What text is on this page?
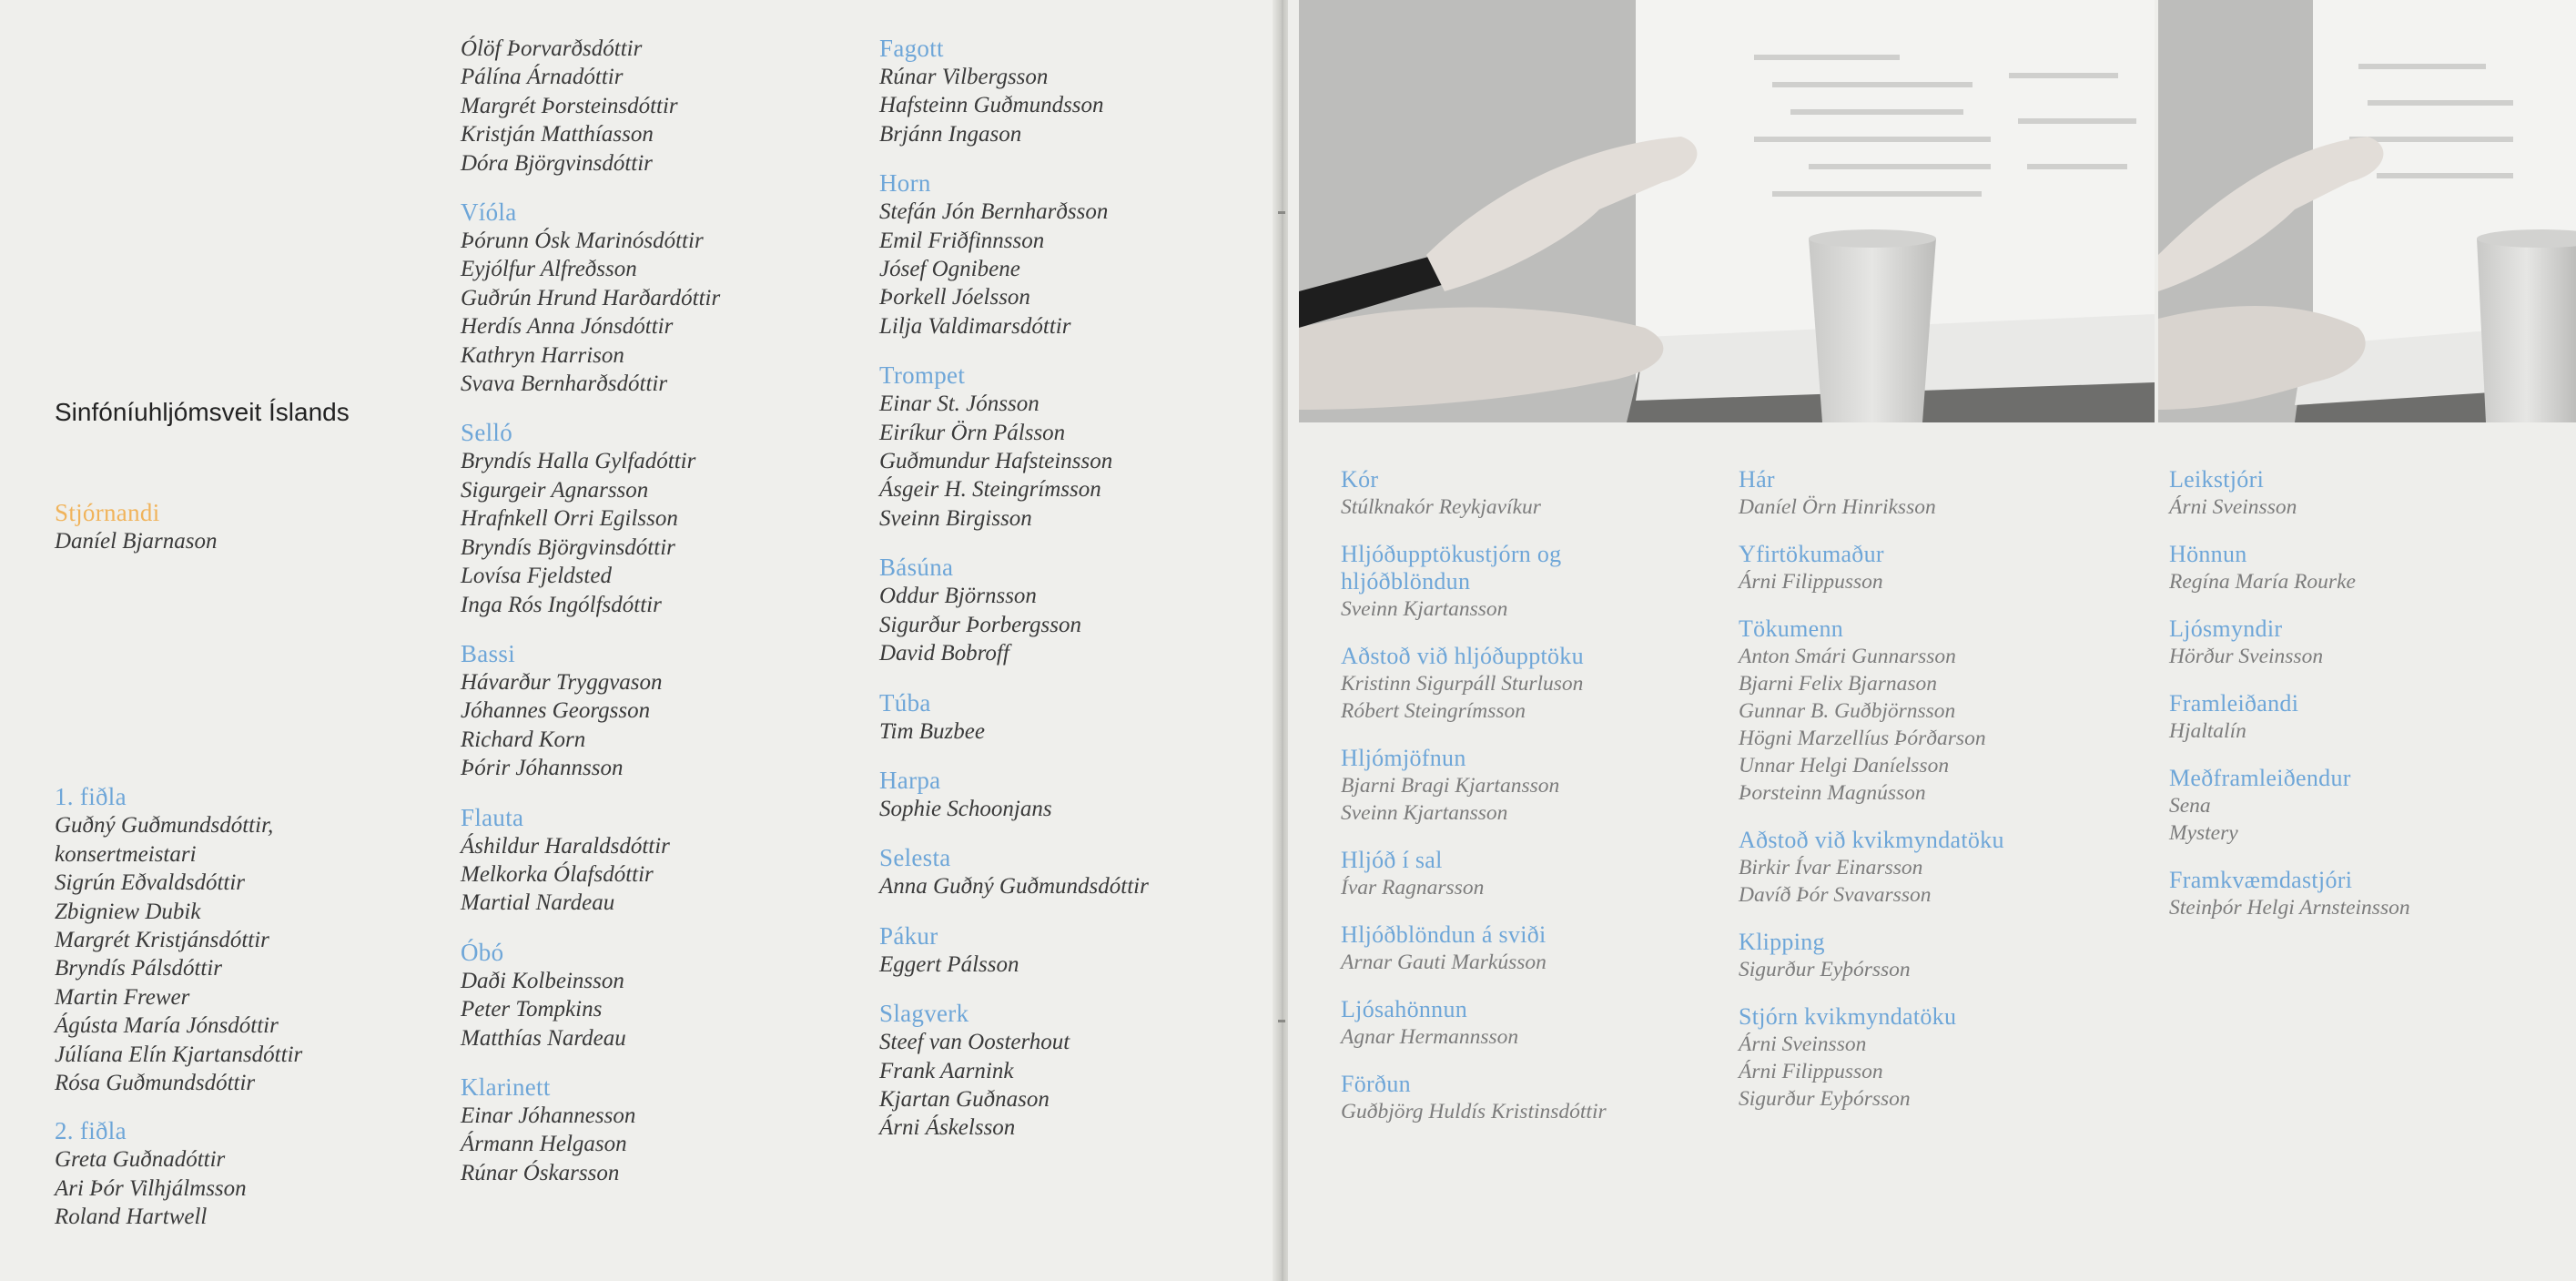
Sinfóníuhljómsveit Íslands
Stjórnandi
Daníel Bjarnason
1. fiðla
Guðný Guðmundsdóttir,
konsertmeistari
Sigrún Eðvaldsdóttir
Zbigniew Dubik
Margrét Kristjánsdóttir
Bryndís Pálsdóttir
Martin Frewer
Ágústa María Jónsdóttir
Júlíana Elín Kjartansdóttir
Rósa Guðmundsdóttir
2. fiðla
Greta Guðnadóttir
Ari Þór Vilhjálmsson
Roland Hartwell
Ólöf Þorvarðsdóttir
Pálína Árnadóttir
Margrét Þorsteinsdóttir
Kristján Matthíasson
Dóra Björgvinsdóttir
Víóla
Þórunn Ósk Marinósdóttir
Eyjólfur Alfreðsson
Guðrún Hrund Harðardóttir
Herdís Anna Jónsdóttir
Kathryn Harrison
Svava Bernharðsdóttir
Selló
Bryndís Halla Gylfadóttir
Sigurgeir Agnarsson
Hrafnkell Orri Egilsson
Bryndís Björgvinsdóttir
Lovísa Fjeldsted
Inga Rós Ingólfsdóttir
Bassi
Hávarður Tryggvason
Jóhannes Georgsson
Richard Korn
Þórir Jóhannsson
Flauta
Áshildur Haraldsdóttir
Melkorka Ólafsdóttir
Martial Nardeau
Óbó
Daði Kolbeinsson
Peter Tompkins
Matthías Nardeau
Klarinett
Einar Jóhannesson
Ármann Helgason
Rúnar Óskarsson
Fagott
Rúnar Vilbergsson
Hafsteinn Guðmundsson
Brjánn Ingason
Horn
Stefán Jón Bernharðsson
Emil Friðfinnsson
Jósef Ognibene
Þorkell Jóelsson
Lilja Valdimarsdóttir
Trompet
Einar St. Jónsson
Eiríkur Örn Pálsson
Guðmundur Hafsteinsson
Ásgeir H. Steingrímsson
Sveinn Birgisson
Básúna
Oddur Björnsson
Sigurður Þorbergsson
David Bobroff
Túba
Tim Buzbee
Harpa
Sophie Schoonjans
Selesta
Anna Guðný Guðmundsdóttir
Pákur
Eggert Pálsson
Slagverk
Steef van Oosterhout
Frank Aarnink
Kjartan Guðnason
Árni Áskelsson
Kór
Stúlknakór Reykjavíkur
Hljóðupptökustjórn og hljóðblöndun
Sveinn Kjartansson
Aðstoð við hljóðupptöku
Kristinn Sigurpáll Sturluson
Róbert Steingrímsson
Hljómjöfnun
Bjarni Bragi Kjartansson
Sveinn Kjartansson
Hljóð í sal
Ívar Ragnarsson
Hljóðblöndun á sviði
Arnar Gauti Markússon
Ljósahönnun
Agnar Hermannsson
Förðun
Guðbjörg Huldís Kristinsdóttir
Hár
Daníel Örn Hinriksson
Yfirtökumaður
Árni Filippusson
Tökumenn
Anton Smári Gunnarsson
Bjarni Felix Bjarnason
Gunnar B. Guðbjörnsson
Högni Marzellíus Þórðarson
Unnar Helgi Daníelsson
Þorsteinn Magnússon
Aðstoð við kvikmyndatöku
Birkir Ívar Einarsson
Davíð Þór Svavarsson
Klipping
Sigurður Eyþórsson
Stjórn kvikmyndatöku
Árni Sveinsson
Árni Filippusson
Sigurður Eyþórsson
Leikstjóri
Árni Sveinsson
Hönnun
Regína María Rourke
Ljósmyndir
Hörður Sveinsson
Framleiðandi
Hjaltalín
Meðframleiðendur
Sena
Mystery
Framkvæmdastjóri
Steinþór Helgi Arnsteinsson
